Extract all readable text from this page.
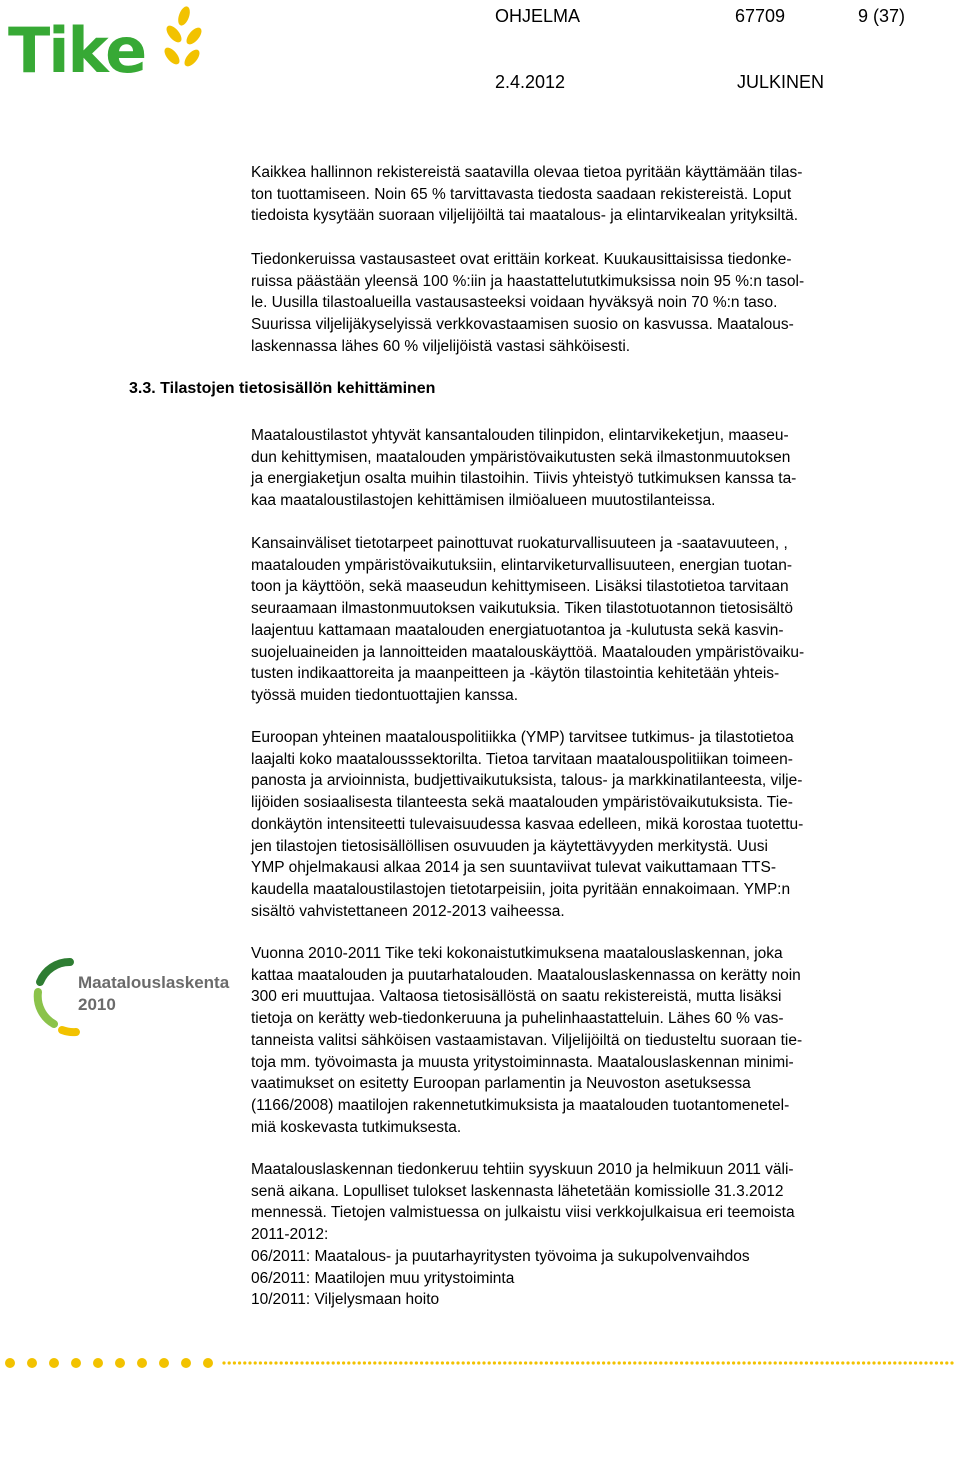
Tike	OHJELMA	67709	9 (37)
2.4.2012	JULKINEN

Kaikkea hallinnon rekistereistä saatavilla olevaa tietoa pyritään käyttämään tilas-
ton tuottamiseen. Noin 65 % tarvittavasta tiedosta saadaan rekistereistä. Loput
tiedoista kysytään suoraan viljelijöiltä tai maatalous- ja elintarvikealan yrityksiltä.

Tiedonkeruissa vastausasteet ovat erittäin korkeat. Kuukausittaisissa tiedonke-
ruissa päästään yleensä 100 %:iin ja haastattelututkimuksissa noin 95 %:n tasol-
le. Uusilla tilastoalueilla vastausasteeksi voidaan hyväksyä noin 70 %:n taso.
Suurissa viljelijäkyselyissä verkkovastaamisen suosio on kasvussa. Maatalous-
laskennassa lähes 60 % viljelijöistä vastasi sähköisesti.

3.3. Tilastojen tietosisällön kehittäminen

Maataloustilastot yhtyvät kansantalouden tilinpidon, elintarvikeketjun, maaseu-
dun kehittymisen, maatalouden ympäristövaikutusten sekä ilmastonmuutoksen
ja energiaketjun osalta muihin tilastoihin. Tiivis yhteistyö tutkimuksen kanssa ta-
kaa maataloustilastojen kehittämisen ilmiöalueen muutostilanteissa.

Kansainväliset tietotarpeet painottuvat ruokaturvallisuuteen ja -saatavuuteen, ,
maatalouden ympäristövaikutuksiin, elintarviketurvallisuuteen, energian tuotan-
toon ja käyttöön, sekä maaseudun kehittymiseen. Lisäksi tilastotietoa tarvitaan
seuraamaan ilmastonmuutoksen vaikutuksia. Tiken tilastotuotannon tietosisältö
laajentuu kattamaan maatalouden energiatuotantoa ja -kulutusta sekä kasvin-
suojeluaineiden ja lannoitteiden maatalouskäyttöä. Maatalouden ympäristövaiku-
tusten indikaattoreita ja maanpeitteen ja -käytön tilastointia kehitetään yhteis-
työssä muiden tiedontuottajien kanssa.

Euroopan yhteinen maatalouspolitiikka (YMP) tarvitsee tutkimus- ja tilastotietoa
laajalti koko maatalousssektorilta. Tietoa tarvitaan maatalouspolitiikan toimeen-
panosta ja arvioinnista, budjettivaikutuksista, talous- ja markkinatilanteesta, vilje-
lijöiden sosiaalisesta tilanteesta sekä maatalouden ympäristövaikutuksista. Tie-
donkäytön intensiteetti tulevaisuudessa kasvaa edelleen, mikä korostaa tuotettu-
jen tilastojen tietosisällöllisen osuvuuden ja käytettävyyden merkitystä. Uusi
YMP ohjelmakausi alkaa 2014 ja sen suuntaviivat tulevat vaikuttamaan TTS-
kaudella maataloustilastojen tietotarpeisiin, joita pyritään ennakoimaan. YMP:n
sisältö vahvistettaneen 2012-2013 vaiheessa.

Maatalouslaskenta
2010

Vuonna 2010-2011 Tike teki kokonaistutkimuksena maatalouslaskennan, joka
kattaa maatalouden ja puutarhatalouden. Maatalouslaskennassa on kerätty noin
300 eri muuttujaa. Valtaosa tietosisällöstä on saatu rekistereistä, mutta lisäksi
tietoja on kerätty web-tiedonkeruuna ja puhelinhaastatteluin. Lähes 60 % vas-
tanneista valitsi sähköisen vastaamistavan. Viljelijöiltä on tiedusteltu suoraan tie-
toja mm. työvoimasta ja muusta yritystoiminnasta. Maatalouslaskennan minimi-
vaatimukset on esitetty Euroopan parlamentin ja Neuvoston asetuksessa
(1166/2008) maatilojen rakennetutkimuksista ja maatalouden tuotantomenetel-
miä koskevasta tutkimuksesta.

Maatalouslaskennan tiedonkeruu tehtiin syyskuun 2010 ja helmikuun 2011 väli-
senä aikana. Lopulliset tulokset laskennasta lähetetään komissiolle 31.3.2012
mennessä. Tietojen valmistuessa on julkaistu viisi verkkojulkaisua eri teemoista
2011-2012:
06/2011: Maatalous- ja puutarhayritysten työvoima ja sukupolvenvaihdos
06/2011: Maatilojen muu yritystoiminta
10/2011: Viljelysmaan hoito
